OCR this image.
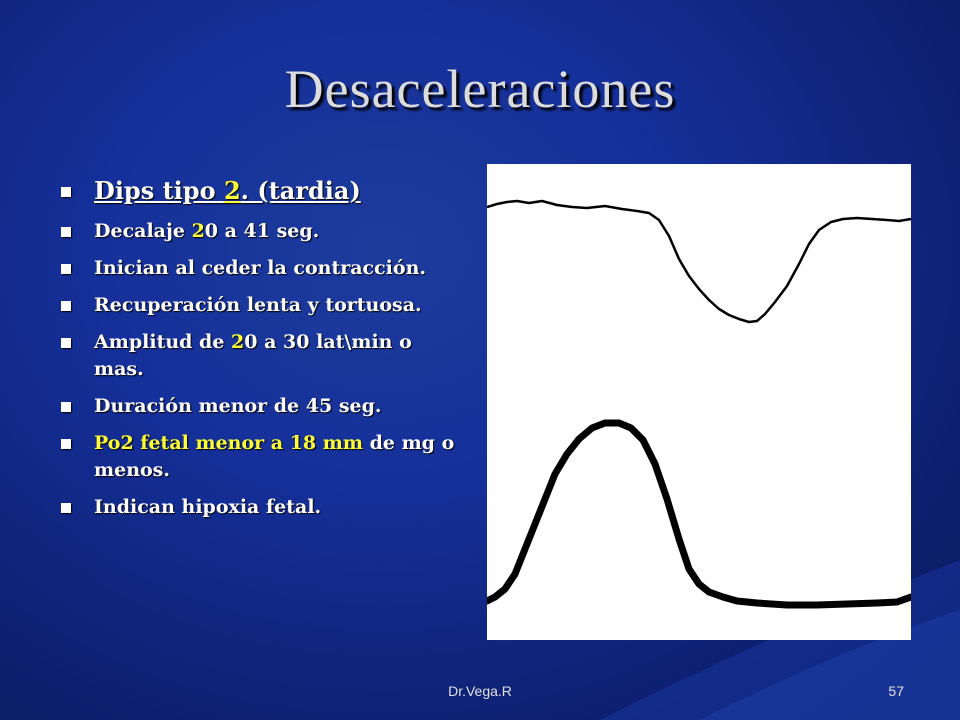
Desaceleraciones
Dips tipo 2. (tardia)
Decalaje 20 a 41 seg.
Inician al ceder la contracción.
Recuperación lenta y tortuosa.
Amplitud de 20 a 30 lat\min o mas.
Duración menor de 45 seg.
Po2 fetal menor a 18 mm de mg o menos.
Indican hipoxia fetal.
Dr.Vega.R	57
